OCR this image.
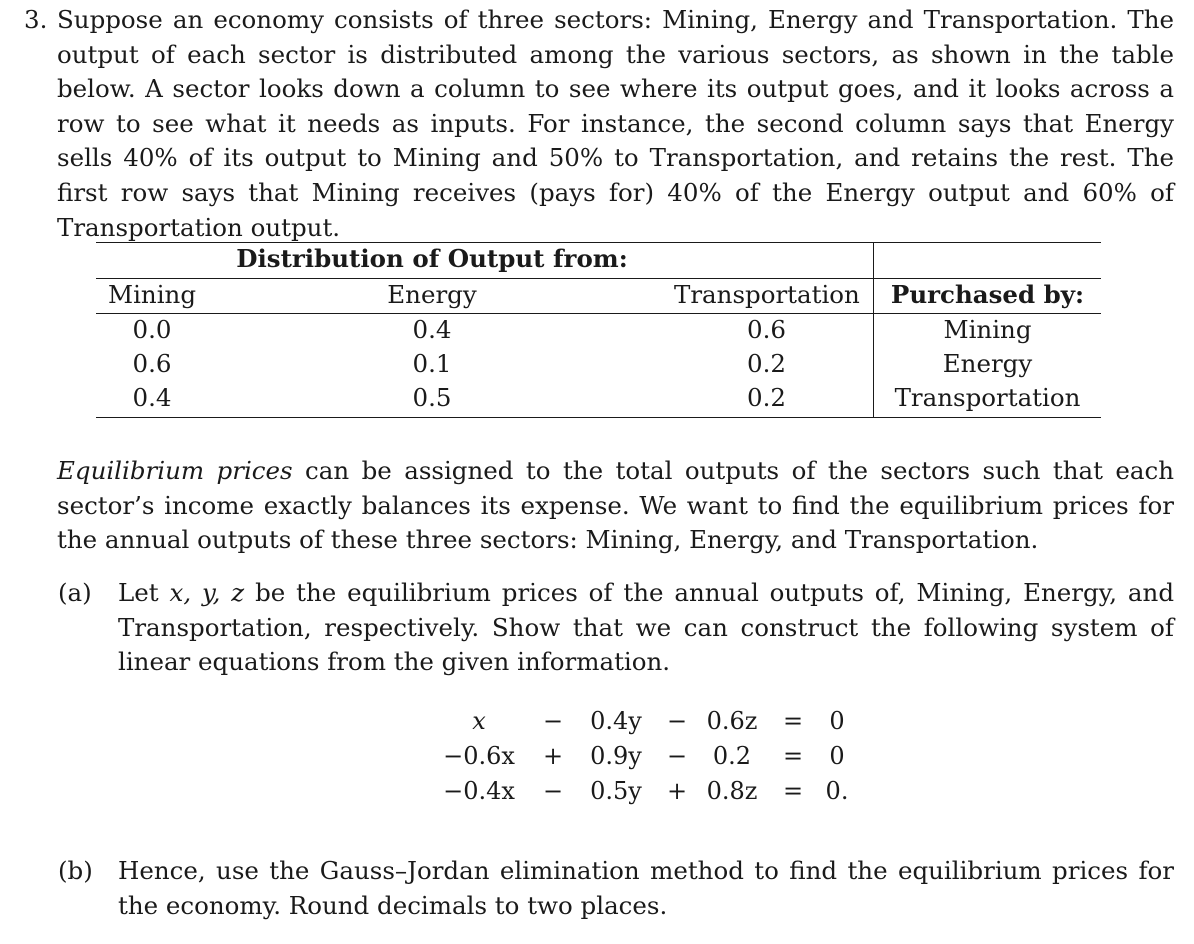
3. Suppose an economy consists of three sectors: Mining, Energy and Transportation. The output of each sector is distributed among the various sectors, as shown in the table below. A sector looks down a column to see where its output goes, and it looks across a row to see what it needs as inputs. For instance, the second column says that Energy sells 40% of its output to Mining and 50% to Transportation, and retains the rest. The first row says that Mining receives (pays for) 40% of the Energy output and 60% of Transportation output.

Distribution of Output from:
Mining	Energy	Transportation	Purchased by:
0.0	0.4	0.6	Mining
0.6	0.1	0.2	Energy
0.4	0.5	0.2	Transportation

Equilibrium prices can be assigned to the total outputs of the sectors such that each sector’s income exactly balances its expense. We want to find the equilibrium prices for the annual outputs of these three sectors: Mining, Energy, and Transportation.

(a) Let x, y, z be the equilibrium prices of the annual outputs of, Mining, Energy, and Transportation, respectively. Show that we can construct the following system of linear equations from the given information.

x	−	0.4y	− 0.6z =	0
−0.6x	+	0.9y	−	0.2	=	0
−0.4x	−	0.5y	+ 0.8z = 0.
(b) Hence, use the Gauss–Jordan elimination method to find the equilibrium prices for the economy. Round decimals to two places.
